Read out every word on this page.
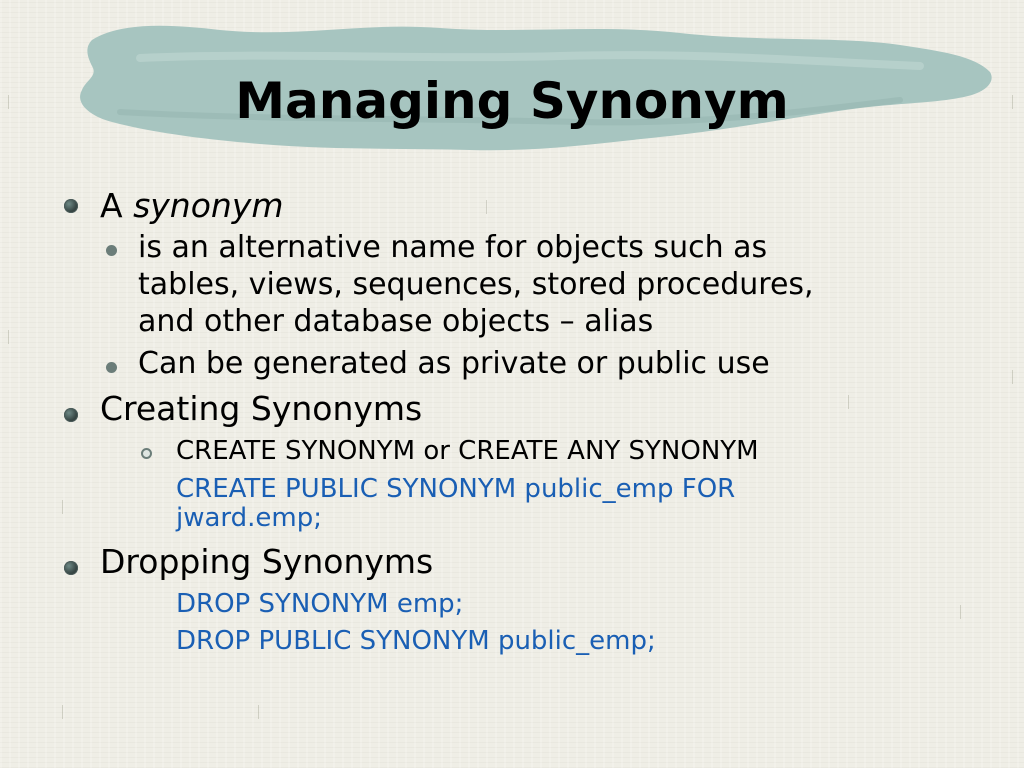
Managing Synonym
A synonym
is an alternative name for objects such as
tables, views, sequences, stored procedures,
and other database objects – alias
Can be generated as private or public use
Creating Synonyms
CREATE SYNONYM or CREATE ANY SYNONYM
CREATE PUBLIC SYNONYM public_emp FOR
jward.emp;
Dropping Synonyms
DROP SYNONYM emp;
DROP PUBLIC SYNONYM public_emp;
